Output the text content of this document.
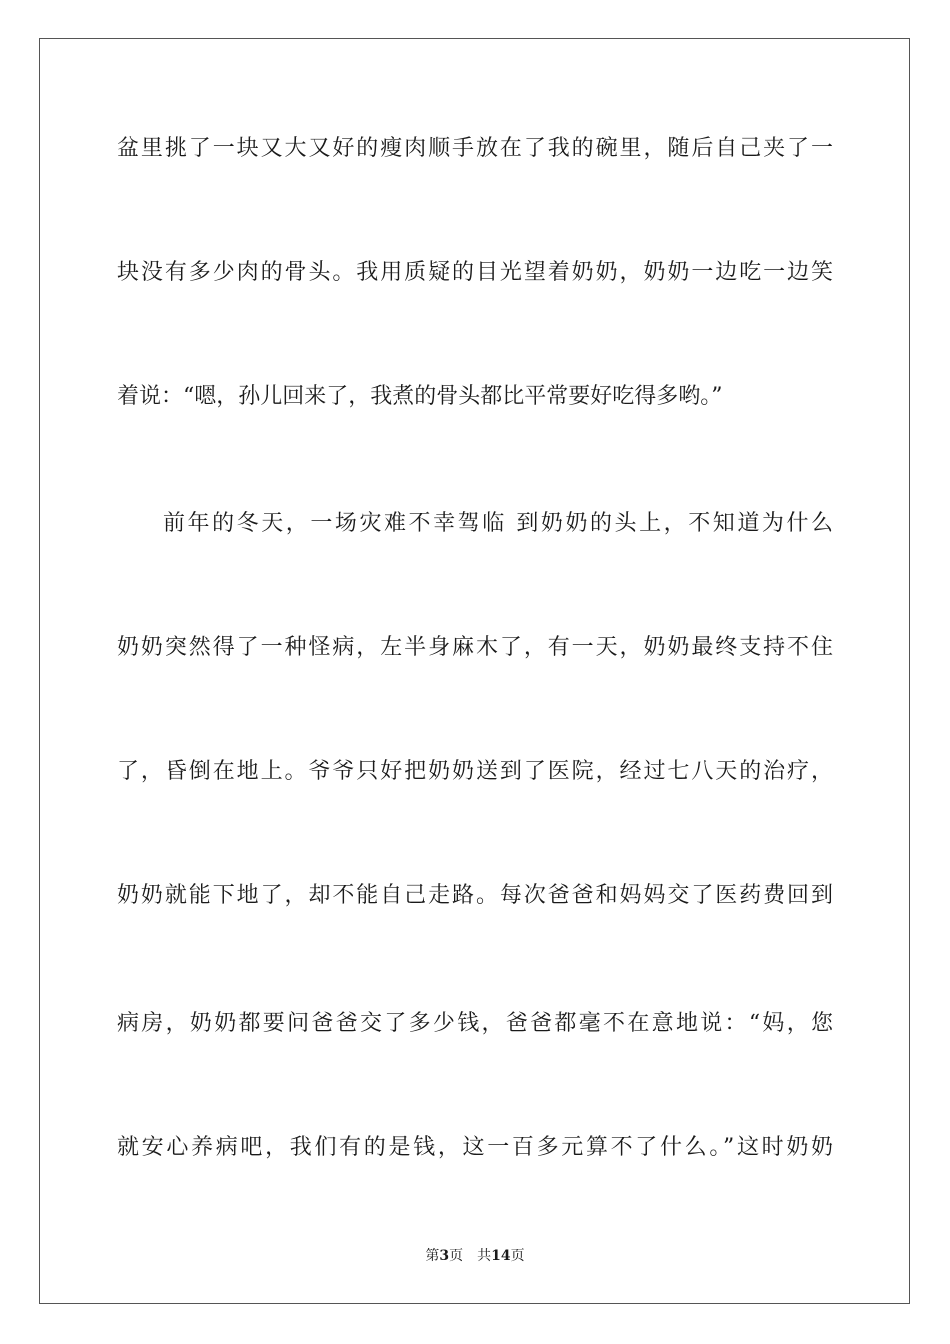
盆里挑了一块又大又好的瘦肉顺手放在了我的碗里，随后自己夹了一
块没有多少肉的骨头。我用质疑的目光望着奶奶，奶奶一边吃一边笑
着说：“嗯，孙儿回来了，我煮的骨头都比平常要好吃得多哟。”
前年的冬天，一场灾难不幸驾临 到奶奶的头上，不知道为什么
奶奶突然得了一种怪病，左半身麻木了，有一天，奶奶最终支持不住
了，昏倒在地上。爷爷只好把奶奶送到了医院，经过七八天的治疗，
奶奶就能下地了，却不能自己走路。每次爸爸和妈妈交了医药费回到
病房，奶奶都要问爸爸交了多少钱，爸爸都毫不在意地说：“妈，您
就安心养病吧，我们有的是钱，这一百多元算不了什么。”这时奶奶
第3页 共14页
